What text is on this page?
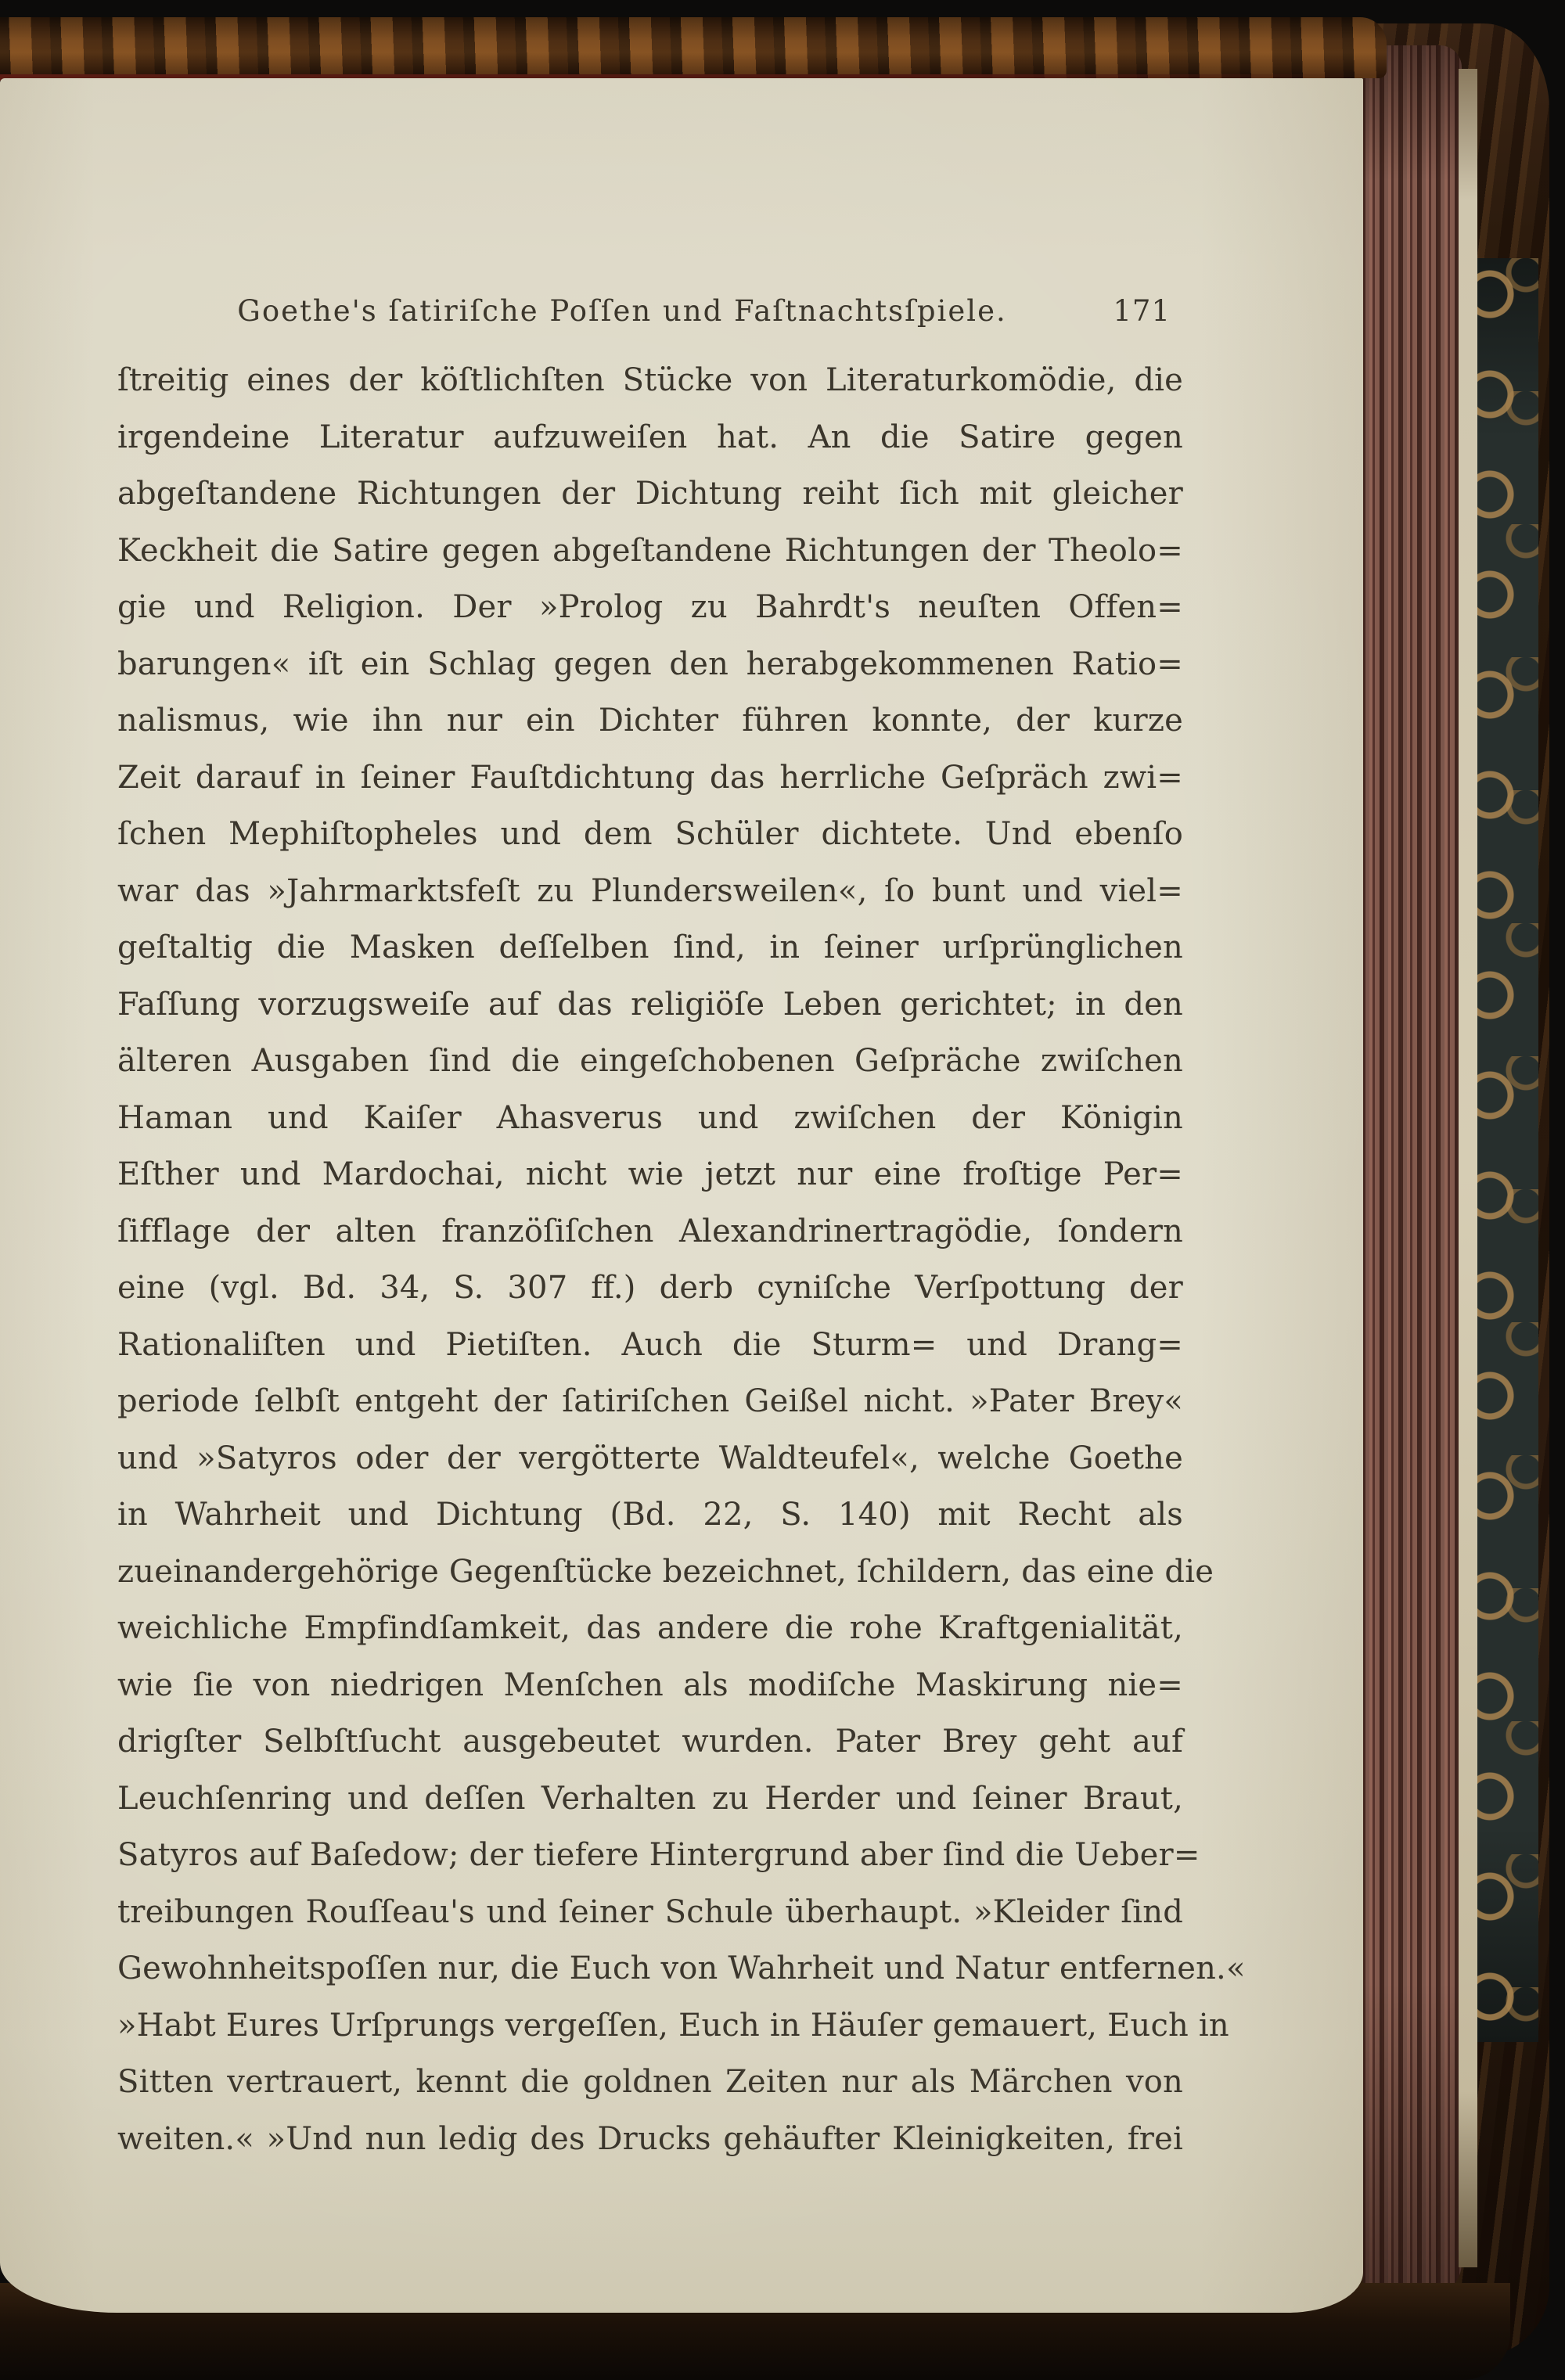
Goethe's ſatiriſche Poſſen und Faſtnachtsſpiele.	171
ſtreitig eines der köſtlichſten Stücke von Literaturkomödie, die
irgendeine Literatur aufzuweiſen hat. An die Satire gegen
abgeſtandene Richtungen der Dichtung reiht ſich mit gleicher
Keckheit die Satire gegen abgeſtandene Richtungen der Theolo=
gie und Religion. Der »Prolog zu Bahrdt's neuſten Offen=
barungen« iſt ein Schlag gegen den herabgekommenen Ratio=
nalismus, wie ihn nur ein Dichter führen konnte, der kurze
Zeit darauf in ſeiner Fauſtdichtung das herrliche Geſpräch zwi=
ſchen Mephiſtopheles und dem Schüler dichtete. Und ebenſo
war das »Jahrmarktsfeſt zu Plundersweilen«, ſo bunt und viel=
geſtaltig die Masken deſſelben ſind, in ſeiner urſprünglichen
Faſſung vorzugsweiſe auf das religiöſe Leben gerichtet; in den
älteren Ausgaben ſind die eingeſchobenen Geſpräche zwiſchen
Haman und Kaiſer Ahasverus und zwiſchen der Königin
Eſther und Mardochai, nicht wie jetzt nur eine froſtige Per=
ſifflage der alten franzöſiſchen Alexandrinertragödie, ſondern
eine (vgl. Bd. 34, S. 307 ff.) derb cyniſche Verſpottung der
Rationaliſten und Pietiſten. Auch die Sturm= und Drang=
periode ſelbſt entgeht der ſatiriſchen Geißel nicht. »Pater Brey«
und »Satyros oder der vergötterte Waldteufel«, welche Goethe
in Wahrheit und Dichtung (Bd. 22, S. 140) mit Recht als
zueinandergehörige Gegenſtücke bezeichnet, ſchildern, das eine die
weichliche Empfindſamkeit, das andere die rohe Kraftgenialität,
wie ſie von niedrigen Menſchen als modiſche Maskirung nie=
drigſter Selbſtſucht ausgebeutet wurden. Pater Brey geht auf
Leuchſenring und deſſen Verhalten zu Herder und ſeiner Braut,
Satyros auf Baſedow; der tiefere Hintergrund aber ſind die Ueber=
treibungen Rouſſeau's und ſeiner Schule überhaupt. »Kleider ſind
Gewohnheitspoſſen nur, die Euch von Wahrheit und Natur entfernen.«
»Habt Eures Urſprungs vergeſſen, Euch in Häuſer gemauert, Euch in
Sitten vertrauert, kennt die goldnen Zeiten nur als Märchen von
weiten.« »Und nun ledig des Drucks gehäufter Kleinigkeiten, frei
